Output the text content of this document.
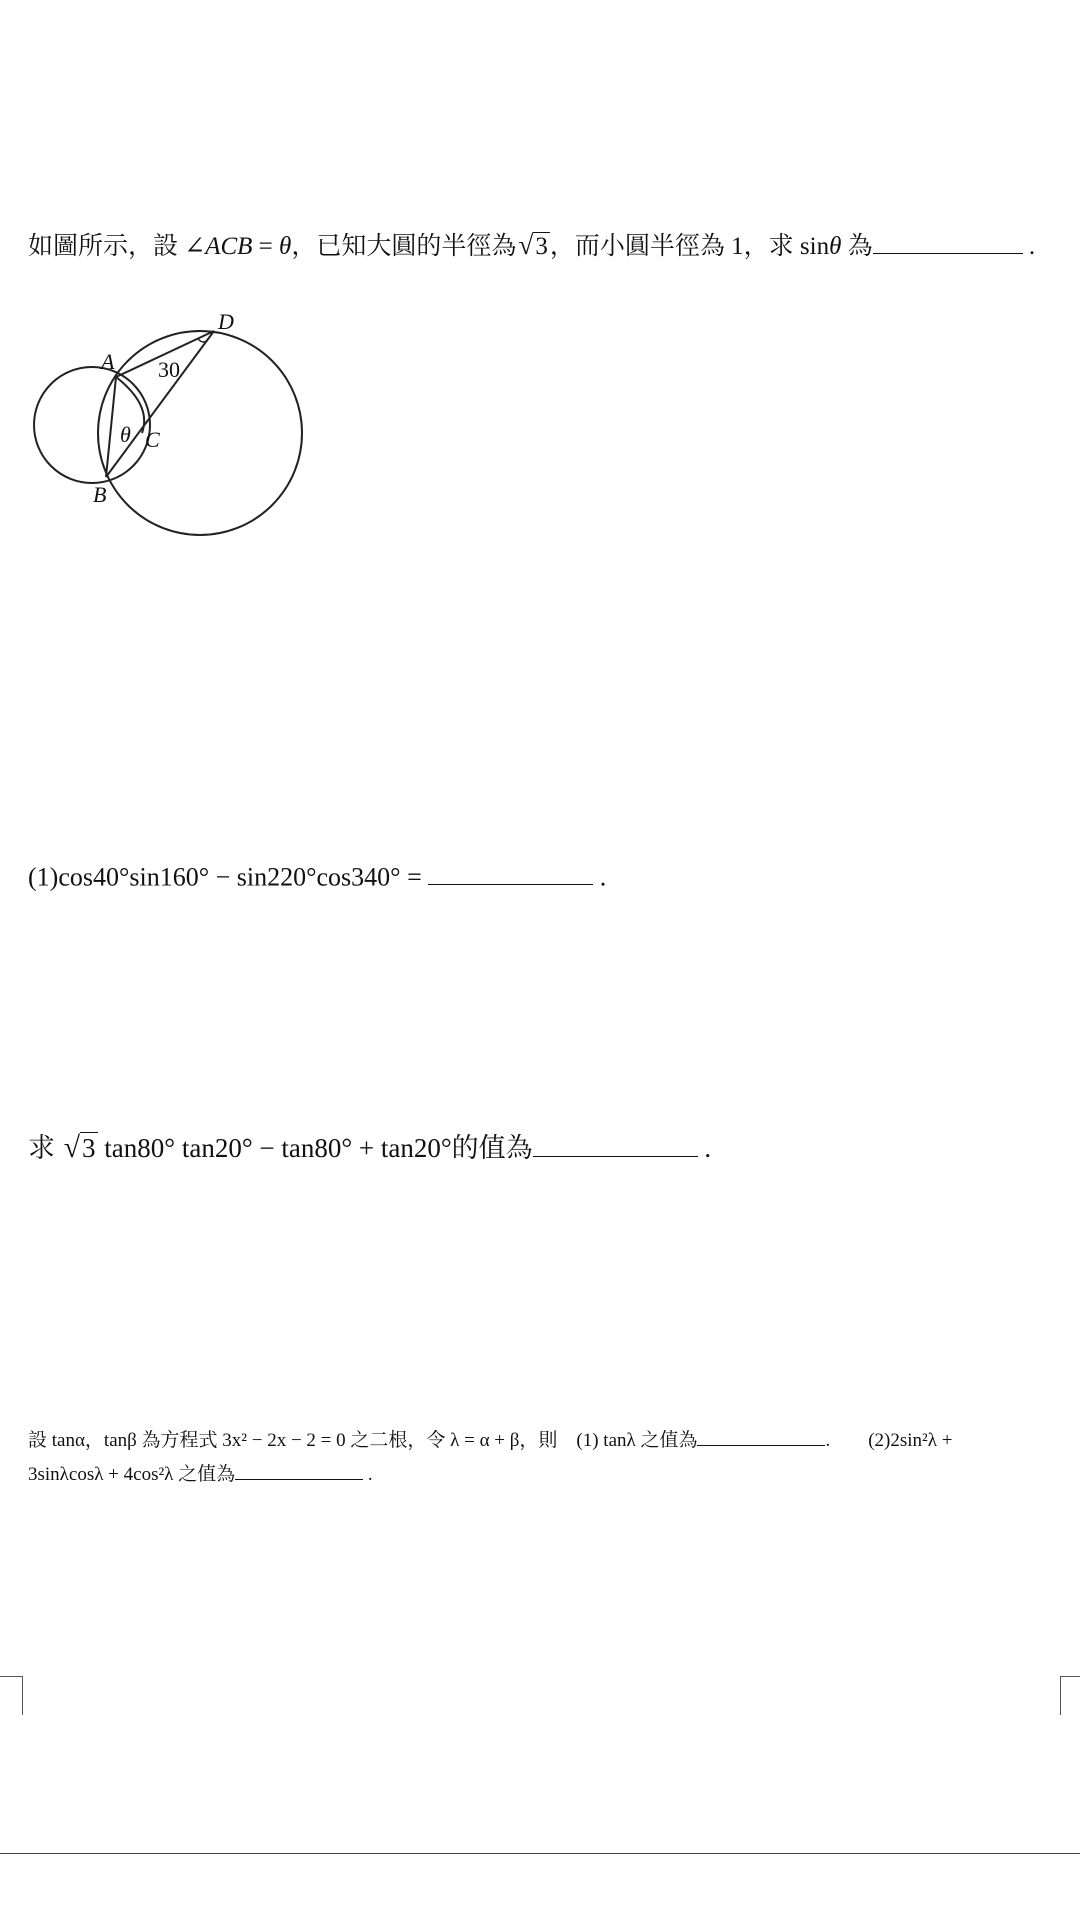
如圖所示，設 ∠ACB = θ，已知大圓的半徑為√3，而小圓半徑為 1，求 sinθ 為	.
A
B
C
D
30
θ
(1)cos40°sin160° − sin220°cos340° =	.
求 √3 tan80° tan20° − tan80° + tan20°的值為	.
設 tanα，tanβ 為方程式 3x² − 2x − 2 = 0 之二根，令 λ = α + β，則　(1) tanλ 之值為	.　　(2)2sin²λ +
3sinλcosλ + 4cos²λ 之值為	.
